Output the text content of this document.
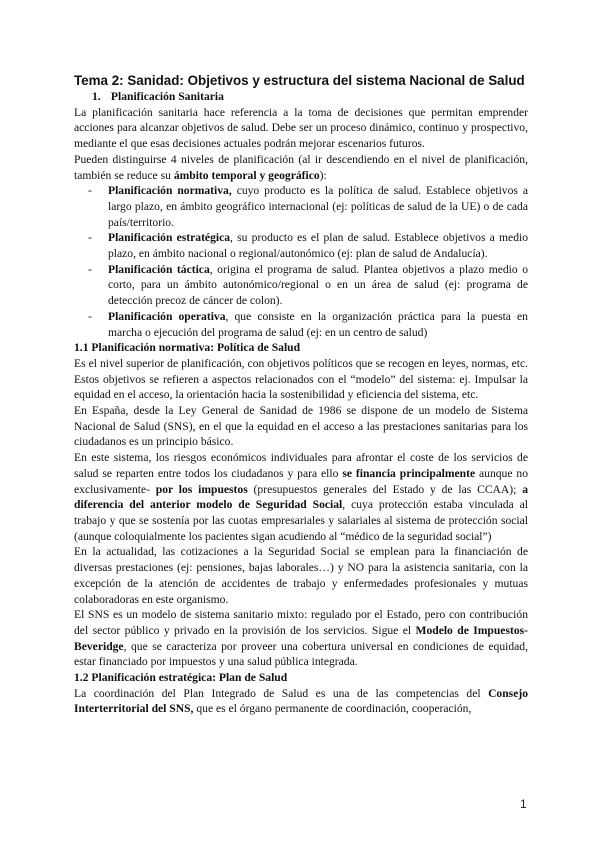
Tema 2: Sanidad: Objetivos y estructura del sistema Nacional de Salud
1. Planificación Sanitaria

La planificación sanitaria hace referencia a la toma de decisiones que permitan emprender acciones para alcanzar objetivos de salud. Debe ser un proceso dinámico, continuo y prospectivo, mediante el que esas decisiones actuales podrán mejorar escenarios futuros.

Pueden distinguirse 4 niveles de planificación (al ir descendiendo en el nivel de planificación, también se reduce su ámbito temporal y geográfico):

- Planificación normativa, cuyo producto es la política de salud. Establece objetivos a largo plazo, en ámbito geográfico internacional (ej: políticas de salud de la UE) o de cada país/territorio.
- Planificación estratégica, su producto es el plan de salud. Establece objetivos a medio plazo, en ámbito nacional o regional/autonómico (ej: plan de salud de Andalucía).
- Planificación táctica, origina el programa de salud. Plantea objetivos a plazo medio o corto, para un ámbito autonómico/regional o en un área de salud (ej: programa de detección precoz de cáncer de colon).
- Planificación operativa, que consiste en la organización práctica para la puesta en marcha o ejecución del programa de salud (ej: en un centro de salud)
1.1 Planificación normativa: Política de Salud

Es el nivel superior de planificación, con objetivos políticos que se recogen en leyes, normas, etc. Estos objetivos se refieren a aspectos relacionados con el “modelo” del sistema: ej. Impulsar la equidad en el acceso, la orientación hacia la sostenibilidad y eficiencia del sistema, etc.

En España, desde la Ley General de Sanidad de 1986 se dispone de un modelo de Sistema Nacional de Salud (SNS), en el que la equidad en el acceso a las prestaciones sanitarias para los ciudadanos es un principio básico.

En este sistema, los riesgos económicos individuales para afrontar el coste de los servicios de salud se reparten entre todos los ciudadanos y para ello se financia principalmente aunque no exclusivamente- por los impuestos (presupuestos generales del Estado y de las CCAA); a diferencia del anterior modelo de Seguridad Social, cuya protección estaba vinculada al trabajo y que se sostenía por las cuotas empresariales y salariales al sistema de protección social (aunque coloquialmente los pacientes sigan acudiendo al “médico de la seguridad social”)

En la actualidad, las cotizaciones a la Seguridad Social se emplean para la financiación de diversas prestaciones (ej: pensiones, bajas laborales…) y NO para la asistencia sanitaria, con la excepción de la atención de accidentes de trabajo y enfermedades profesionales y mutuas colaboradoras en este organismo.

El SNS es un modelo de sistema sanitario mixto: regulado por el Estado, pero con contribución del sector público y privado en la provisión de los servicios. Sigue el Modelo de Impuestos-Beveridge, que se caracteriza por proveer una cobertura universal en condiciones de equidad, estar financiado por impuestos y una salud pública integrada.

1.2 Planificación estratégica: Plan de Salud

La coordinación del Plan Integrado de Salud es una de las competencias del Consejo Interterritorial del SNS, que es el órgano permanente de coordinación, cooperación,

1
